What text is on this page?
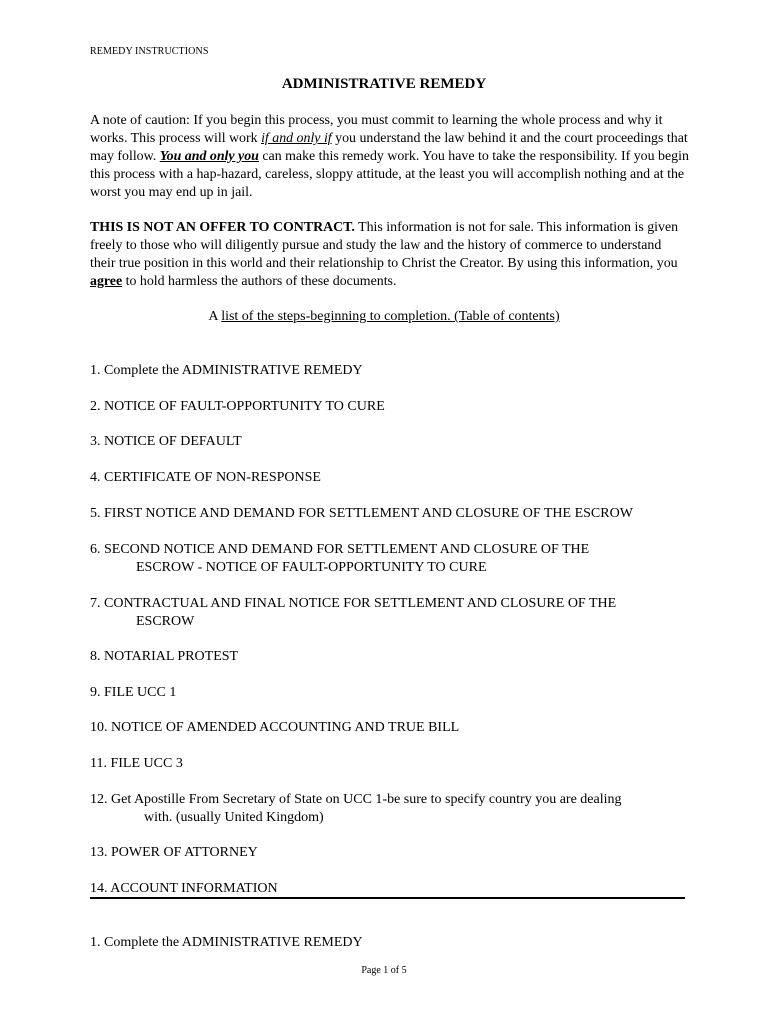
REMEDY INSTRUCTIONS
ADMINISTRATIVE REMEDY
A note of caution: If you begin this process, you must commit to learning the whole process and why it works. This process will work if and only if you understand the law behind it and the court proceedings that may follow. You and only you can make this remedy work. You have to take the responsibility. If you begin this process with a hap-hazard, careless, sloppy attitude, at the least you will accomplish nothing and at the worst you may end up in jail.
THIS IS NOT AN OFFER TO CONTRACT. This information is not for sale. This information is given freely to those who will diligently pursue and study the law and the history of commerce to understand their true position in this world and their relationship to Christ the Creator. By using this information, you agree to hold harmless the authors of these documents.
A list of the steps-beginning to completion. (Table of contents)
1. Complete the ADMINISTRATIVE REMEDY
2. NOTICE OF FAULT-OPPORTUNITY TO CURE
3. NOTICE OF DEFAULT
4. CERTIFICATE OF NON-RESPONSE
5. FIRST NOTICE AND DEMAND FOR SETTLEMENT AND CLOSURE OF THE ESCROW
6. SECOND NOTICE AND DEMAND FOR SETTLEMENT AND CLOSURE OF THE
ESCROW - NOTICE OF FAULT-OPPORTUNITY TO CURE
7. CONTRACTUAL AND FINAL NOTICE FOR SETTLEMENT AND CLOSURE OF THE
ESCROW
8. NOTARIAL PROTEST
9. FILE UCC 1
10. NOTICE OF AMENDED ACCOUNTING AND TRUE BILL
11. FILE UCC 3
12. Get Apostille From Secretary of State on UCC 1-be sure to specify country you are dealing
with. (usually United Kingdom)
13. POWER OF ATTORNEY
14. ACCOUNT INFORMATION
1. Complete the ADMINISTRATIVE REMEDY
Page 1 of 5
